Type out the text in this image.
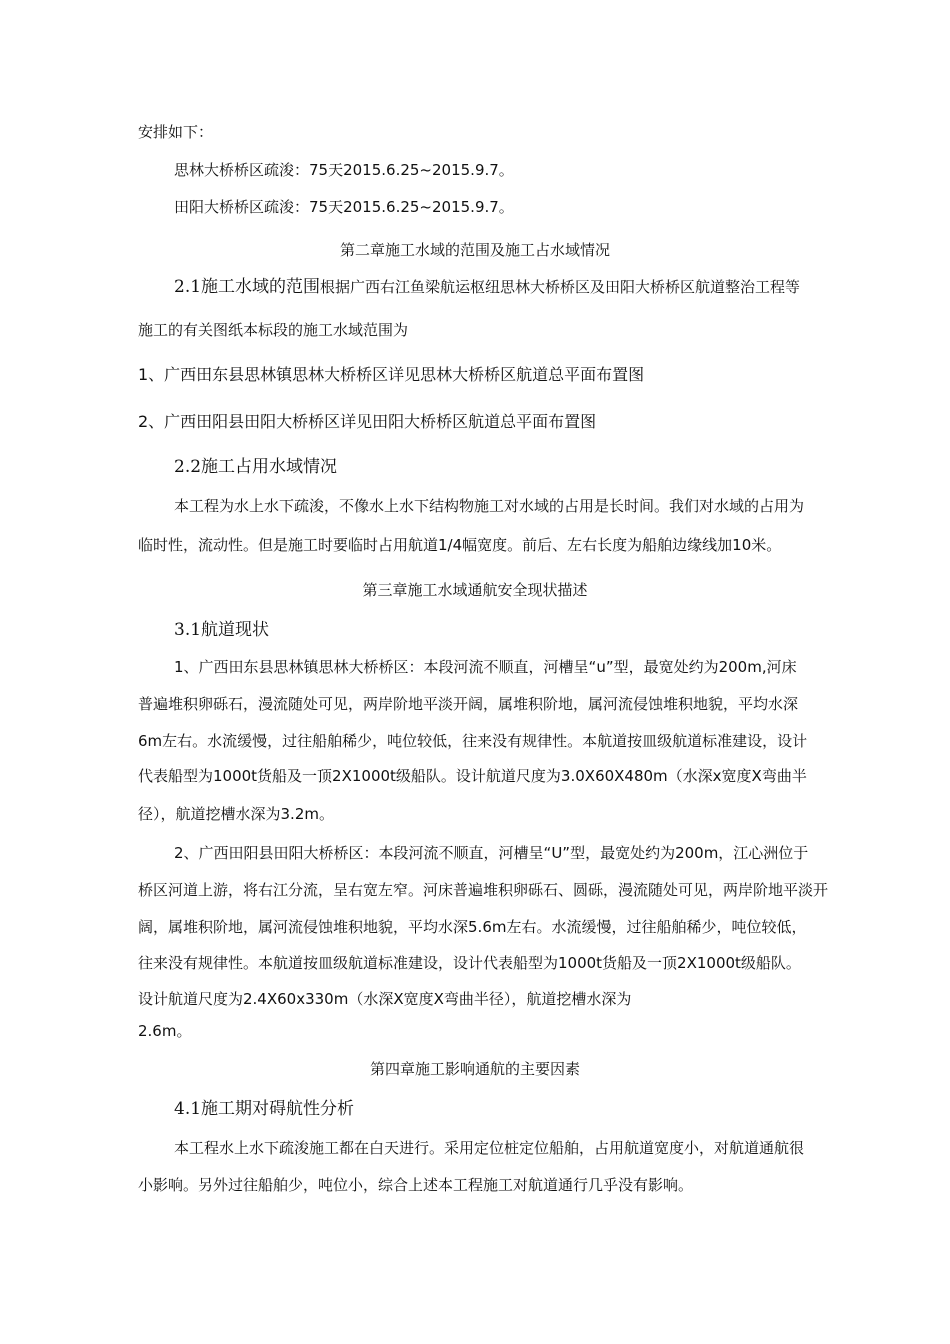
安排如下：
思林大桥桥区疏浚：75天2015.6.25~2015.9.7。
田阳大桥桥区疏浚：75天2015.6.25~2015.9.7。
第二章施工水域的范围及施工占水域情况
2.1施工水域的范围根据广西右江鱼梁航运枢纽思林大桥桥区及田阳大桥桥区航道整治工程等
施工的有关图纸本标段的施工水域范围为
1、广西田东县思林镇思林大桥桥区详见思林大桥桥区航道总平面布置图
2、广西田阳县田阳大桥桥区详见田阳大桥桥区航道总平面布置图
2.2施工占用水域情况
本工程为水上水下疏浚，不像水上水下结构物施工对水域的占用是长时间。我们对水域的占用为
临时性，流动性。但是施工时要临时占用航道1/4幅宽度。前后、左右长度为船舶边缘线加10米。
第三章施工水域通航安全现状描述
3.1航道现状
1、广西田东县思林镇思林大桥桥区：本段河流不顺直，河槽呈“u”型，最宽处约为200m,河床
普遍堆积卵砾石，漫流随处可见，两岸阶地平淡开阔，属堆积阶地，属河流侵蚀堆积地貌，平均水深
6m左右。水流缓慢，过往船舶稀少，吨位较低，往来没有规律性。本航道按皿级航道标准建设，设计
代表船型为1000t货船及一顶2X1000t级船队。设计航道尺度为3.0X60X480m（水深x宽度X弯曲半
径），航道挖槽水深为3.2m。
2、广西田阳县田阳大桥桥区：本段河流不顺直，河槽呈“U”型，最宽处约为200m，江心洲位于
桥区河道上游，将右江分流，呈右宽左窄。河床普遍堆积卵砾石、圆砾，漫流随处可见，两岸阶地平淡开
阔，属堆积阶地，属河流侵蚀堆积地貌，平均水深5.6m左右。水流缓慢，过往船舶稀少，吨位较低，
往来没有规律性。本航道按皿级航道标准建设，设计代表船型为1000t货船及一顶2X1000t级船队。
设计航道尺度为2.4X60x330m（水深X宽度X弯曲半径），航道挖槽水深为
2.6m。
第四章施工影响通航的主要因素
4.1施工期对碍航性分析
本工程水上水下疏浚施工都在白天进行。采用定位桩定位船舶，占用航道宽度小，对航道通航很
小影响。另外过往船舶少，吨位小，综合上述本工程施工对航道通行几乎没有影响。
